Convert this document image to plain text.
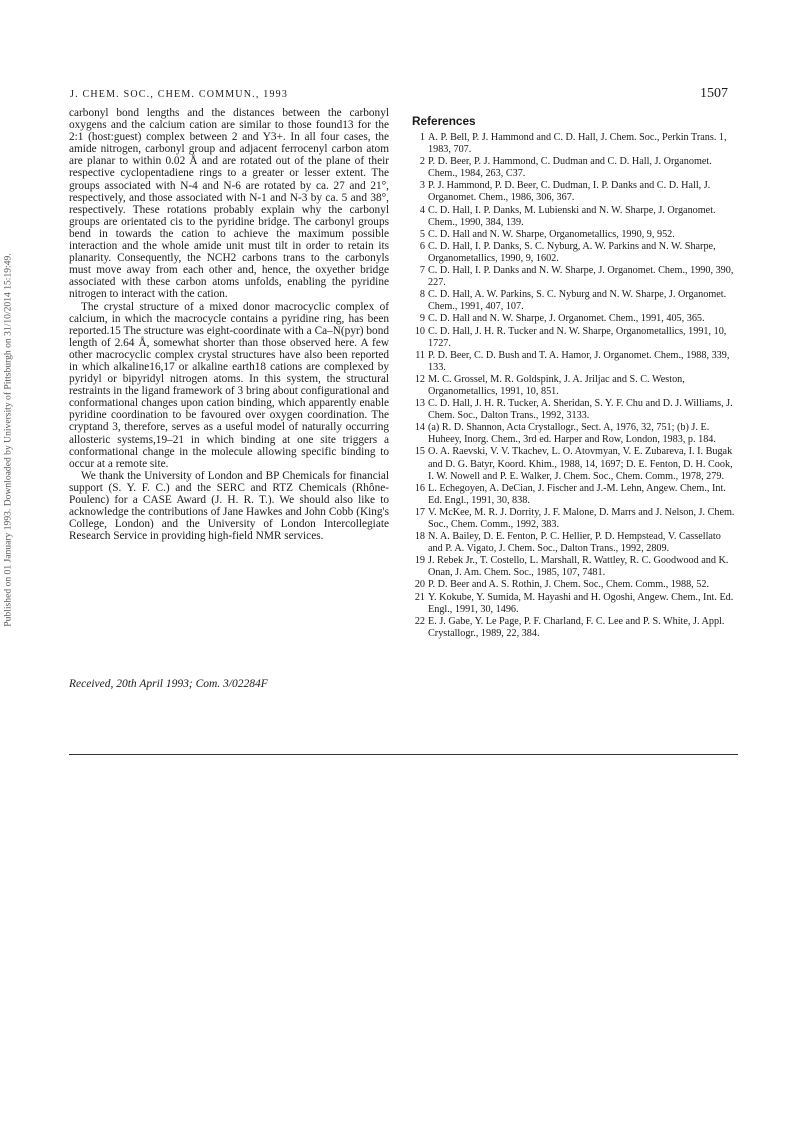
Published on 01 January 1993. Downloaded by University of Pittsburgh on 31/10/2014 15:19:49.
J. CHEM. SOC., CHEM. COMMUN., 1993	1507

carbonyl bond lengths and the distances between the carbonyl oxygens and the calcium cation are similar to those found13 for the 2:1 (host:guest) complex between 2 and Y3+. In all four cases, the amide nitrogen, carbonyl group and adjacent ferrocenyl carbon atom are planar to within 0.02 Å and are rotated out of the plane of their respective cyclopentadiene rings to a greater or lesser extent. The groups associated with N-4 and N-6 are rotated by ca. 27 and 21°, respectively, and those associated with N-1 and N-3 by ca. 5 and 38°, respectively. These rotations probably explain why the carbonyl groups are orientated cis to the pyridine bridge. The carbonyl groups bend in towards the cation to achieve the maximum possible interaction and the whole amide unit must tilt in order to retain its planarity. Consequently, the NCH2 carbons trans to the carbonyls must move away from each other and, hence, the oxyether bridge associated with these carbon atoms unfolds, enabling the pyridine nitrogen to interact with the cation.

The crystal structure of a mixed donor macrocyclic complex of calcium, in which the macrocycle contains a pyridine ring, has been reported.15 The structure was eight-coordinate with a Ca–N(pyr) bond length of 2.64 Å, somewhat shorter than those observed here. A few other macrocyclic complex crystal structures have also been reported in which alkaline16,17 or alkaline earth18 cations are complexed by pyridyl or bipyridyl nitrogen atoms. In this system, the structural restraints in the ligand framework of 3 bring about configurational and conformational changes upon cation binding, which apparently enable pyridine coordination to be favoured over oxygen coordination. The cryptand 3, therefore, serves as a useful model of naturally occurring allosteric systems,19–21 in which binding at one site triggers a conformational change in the molecule allowing specific binding to occur at a remote site.

We thank the University of London and BP Chemicals for financial support (S. Y. F. C.) and the SERC and RTZ Chemicals (Rhône-Poulenc) for a CASE Award (J. H. R. T.). We should also like to acknowledge the contributions of Jane Hawkes and John Cobb (King's College, London) and the University of London Intercollegiate Research Service in providing high-field NMR services.

Received, 20th April 1993; Com. 3/02284F
References
1 A. P. Bell, P. J. Hammond and C. D. Hall, J. Chem. Soc., Perkin Trans. 1, 1983, 707.
2 P. D. Beer, P. J. Hammond, C. Dudman and C. D. Hall, J. Organomet. Chem., 1984, 263, C37.
3 P. J. Hammond, P. D. Beer, C. Dudman, I. P. Danks and C. D. Hall, J. Organomet. Chem., 1986, 306, 367.
4 C. D. Hall, I. P. Danks, M. Lubienski and N. W. Sharpe, J. Organomet. Chem., 1990, 384, 139.
5 C. D. Hall and N. W. Sharpe, Organometallics, 1990, 9, 952.
6 C. D. Hall, I. P. Danks, S. C. Nyburg, A. W. Parkins and N. W. Sharpe, Organometallics, 1990, 9, 1602.
7 C. D. Hall, I. P. Danks and N. W. Sharpe, J. Organomet. Chem., 1990, 390, 227.
8 C. D. Hall, A. W. Parkins, S. C. Nyburg and N. W. Sharpe, J. Organomet. Chem., 1991, 407, 107.
9 C. D. Hall and N. W. Sharpe, J. Organomet. Chem., 1991, 405, 365.
10 C. D. Hall, J. H. R. Tucker and N. W. Sharpe, Organometallics, 1991, 10, 1727.
11 P. D. Beer, C. D. Bush and T. A. Hamor, J. Organomet. Chem., 1988, 339, 133.
12 M. C. Grossel, M. R. Goldspink, J. A. Jriljac and S. C. Weston, Organometallics, 1991, 10, 851.
13 C. D. Hall, J. H. R. Tucker, A. Sheridan, S. Y. F. Chu and D. J. Williams, J. Chem. Soc., Dalton Trans., 1992, 3133.
14 (a) R. D. Shannon, Acta Crystallogr., Sect. A, 1976, 32, 751; (b) J. E. Huheey, Inorg. Chem., 3rd ed. Harper and Row, London, 1983, p. 184.
15 O. A. Raevski, V. V. Tkachev, L. O. Atovmyan, V. E. Zubareva, I. I. Bugak and D. G. Batyr, Koord. Khim., 1988, 14, 1697; D. E. Fenton, D. H. Cook, I. W. Nowell and P. E. Walker, J. Chem. Soc., Chem. Comm., 1978, 279.
16 L. Echegoyen, A. DeCian, J. Fischer and J.-M. Lehn, Angew. Chem., Int. Ed. Engl., 1991, 30, 838.
17 V. McKee, M. R. J. Dorrity, J. F. Malone, D. Marrs and J. Nelson, J. Chem. Soc., Chem. Comm., 1992, 383.
18 N. A. Bailey, D. E. Fenton, P. C. Hellier, P. D. Hempstead, V. Cassellato and P. A. Vigato, J. Chem. Soc., Dalton Trans., 1992, 2809.
19 J. Rebek Jr., T. Costello, L. Marshall, R. Wattley, R. C. Goodwood and K. Onan, J. Am. Chem. Soc., 1985, 107, 7481.
20 P. D. Beer and A. S. Rothin, J. Chem. Soc., Chem. Comm., 1988, 52.
21 Y. Kokube, Y. Sumida, M. Hayashi and H. Ogoshi, Angew. Chem., Int. Ed. Engl., 1991, 30, 1496.
22 E. J. Gabe, Y. Le Page, P. F. Charland, F. C. Lee and P. S. White, J. Appl. Crystallogr., 1989, 22, 384.
